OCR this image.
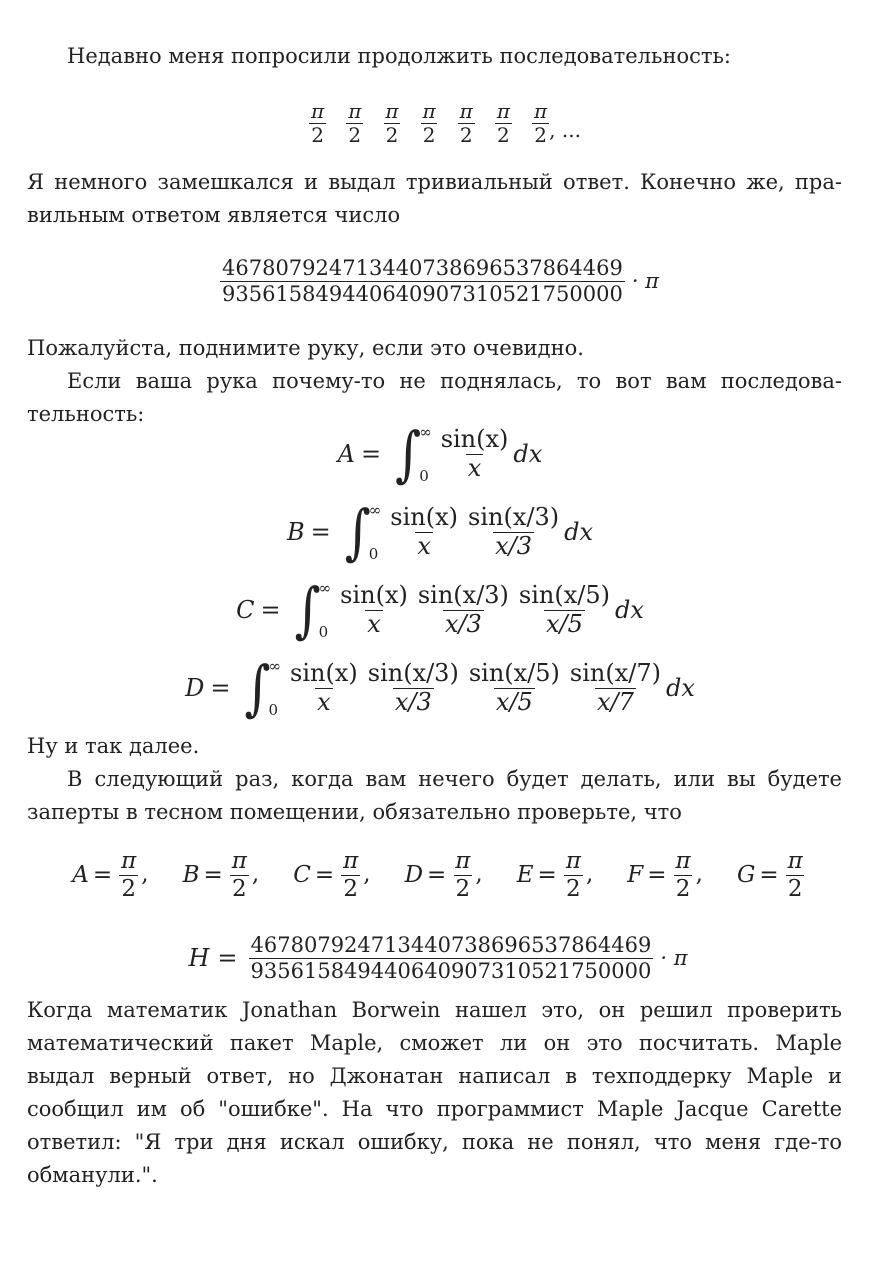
Недавно меня попросили продолжить последовательность:
$\frac{\pi}{2} \frac{\pi}{2} \frac{\pi}{2} \frac{\pi}{2} \frac{\pi}{2} \frac{\pi}{2} \frac{\pi}{2}$ , ...
Я немного замешкался и выдал тривиальный ответ. Конечно же, пра-
вильным ответом является число
$\frac{467807924713440738696537864469}{935615849440640907310521750000} \cdot \pi$
Пожалуйста, поднимите руку, если это очевидно.
Если ваша рука почему-то не поднялась, то вот вам последова-
тельность:
A = ∫
∞
$0 \frac{\sin(x)}{x}$ dx
B = ∫
∞
$0 \frac{\sin(x)}{x} \frac{\sin(x/3)}{x/3}$ dx
C = ∫
∞
$0 \frac{\sin(x)}{x} \frac{\sin(x/3)}{x/3} \frac{\sin(x/5)}{x/5}$ dx
D = ∫
∞
$0 \frac{\sin(x)}{x} \frac{\sin(x/3)}{x/3} \frac{\sin(x/5)}{x/5} \frac{\sin(x/7)}{x/7}$ dx
Ну и так далее.
В следующий раз, когда вам нечего будет делать, или вы будете
заперты в тесном помещении, обязательно проверьте, что
$A = \frac{\pi}{2}$ , $B = \frac{\pi}{2}$ , $C = \frac{\pi}{2}$ , $D = \frac{\pi}{2}$ , $E = \frac{\pi}{2}$ , $F = \frac{\pi}{2}$ , $G = \frac{\pi}{2}$
$H = \frac{467807924713440738696537864469}{935615849440640907310521750000} \cdot \pi$
Когда математик Jonathan Borwein нашел это, он решил проверить
математический пакет Maple, сможет ли он это посчитать. Maple
выдал верный ответ, но Джонатан написал в техподдерку Maple и
сообщил им об "ошибке". На что программист Maple Jacque Carette
ответил: "Я три дня искал ошибку, пока не понял, что меня где-то
обманули.".
